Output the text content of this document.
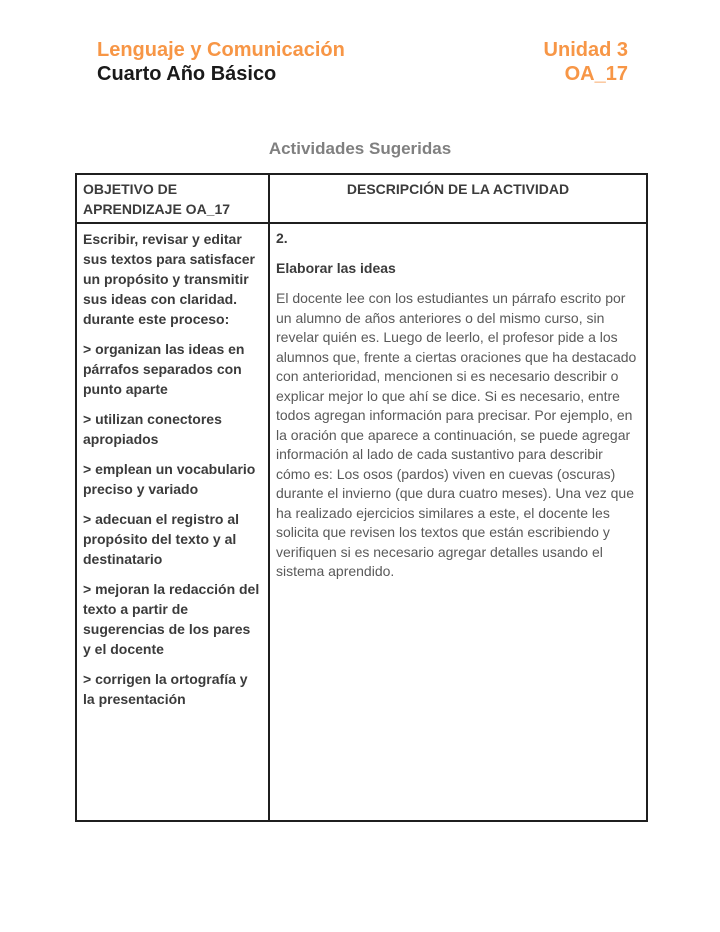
Lenguaje y Comunicación
Cuarto Año Básico
Unidad 3
OA_17
Actividades Sugeridas
OBJETIVO DE APRENDIZAJE OA_17

Escribir, revisar y editar sus textos para satisfacer un propósito y transmitir sus ideas con claridad. durante este proceso:

> organizan las ideas en párrafos separados con punto aparte
> utilizan conectores apropiados
> emplean un vocabulario preciso y variado
> adecuan el registro al propósito del texto y al destinatario
> mejoran la redacción del texto a partir de sugerencias de los pares y el docente
> corrigen la ortografía y la presentación
DESCRIPCIÓN DE LA ACTIVIDAD

2.

Elaborar las ideas

El docente lee con los estudiantes un párrafo escrito por un alumno de años anteriores o del mismo curso, sin revelar quién es. Luego de leerlo, el profesor pide a los alumnos que, frente a ciertas oraciones que ha destacado con anterioridad, mencionen si es necesario describir o explicar mejor lo que ahí se dice. Si es necesario, entre todos agregan información para precisar. Por ejemplo, en la oración que aparece a continuación, se puede agregar información al lado de cada sustantivo para describir cómo es: Los osos (pardos) viven en cuevas (oscuras) durante el invierno (que dura cuatro meses). Una vez que ha realizado ejercicios similares a este, el docente les solicita que revisen los textos que están escribiendo y verifiquen si es necesario agregar detalles usando el sistema aprendido.
